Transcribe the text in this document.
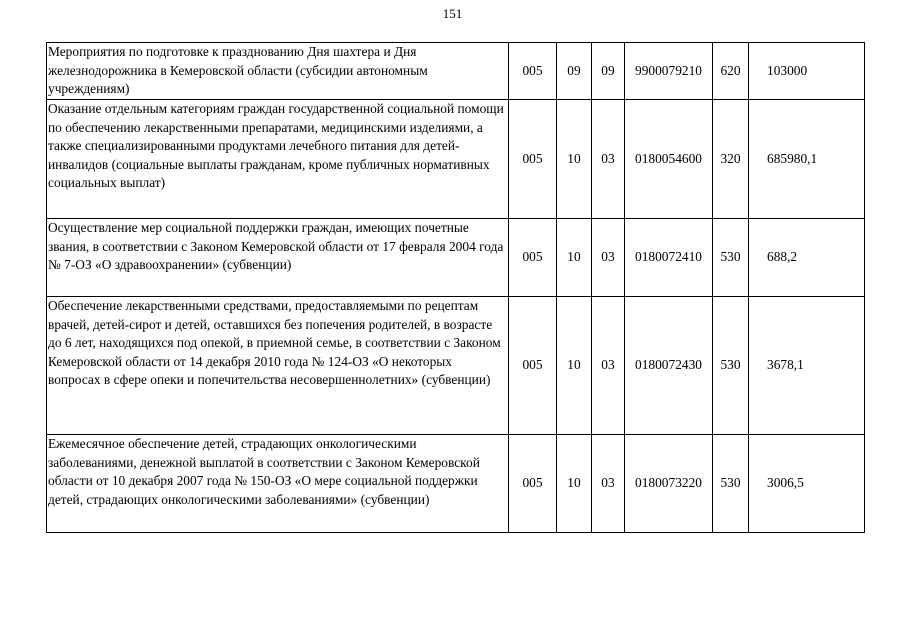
151
Мероприятия по подготовке к празднованию Дня шахтера и Дня железнодорожника в Кемеровской области (субсидии автономным учреждениям)	005	09	09	9900079210	620	103000
Оказание отдельным категориям граждан государственной социальной помощи по обеспечению лекарственными препаратами, медицинскими изделиями, а также специализированными продуктами лечебного питания для детей-инвалидов (социальные выплаты гражданам, кроме публичных нормативных социальных выплат)	005	10	03	0180054600	320	685980,1
Осуществление мер социальной поддержки граждан, имеющих почетные звания, в соответствии с Законом Кемеровской области от 17 февраля 2004 года № 7-ОЗ «О здравоохранении» (субвенции)	005	10	03	0180072410	530	688,2
Обеспечение лекарственными средствами, предоставляемыми по рецептам врачей, детей-сирот и детей, оставшихся без попечения родителей, в возрасте до 6 лет, находящихся под опекой, в приемной семье, в соответствии с Законом Кемеровской области от 14 декабря 2010 года № 124-ОЗ «О некоторых вопросах в сфере опеки и попечительства несовершеннолетних» (субвенции)	005	10	03	0180072430	530	3678,1
Ежемесячное обеспечение детей, страдающих онкологическими заболеваниями, денежной выплатой в соответствии с Законом Кемеровской области от 10 декабря 2007 года № 150-ОЗ «О мере социальной поддержки детей, страдающих онкологическими заболеваниями» (субвенции)	005	10	03	0180073220	530	3006,5
